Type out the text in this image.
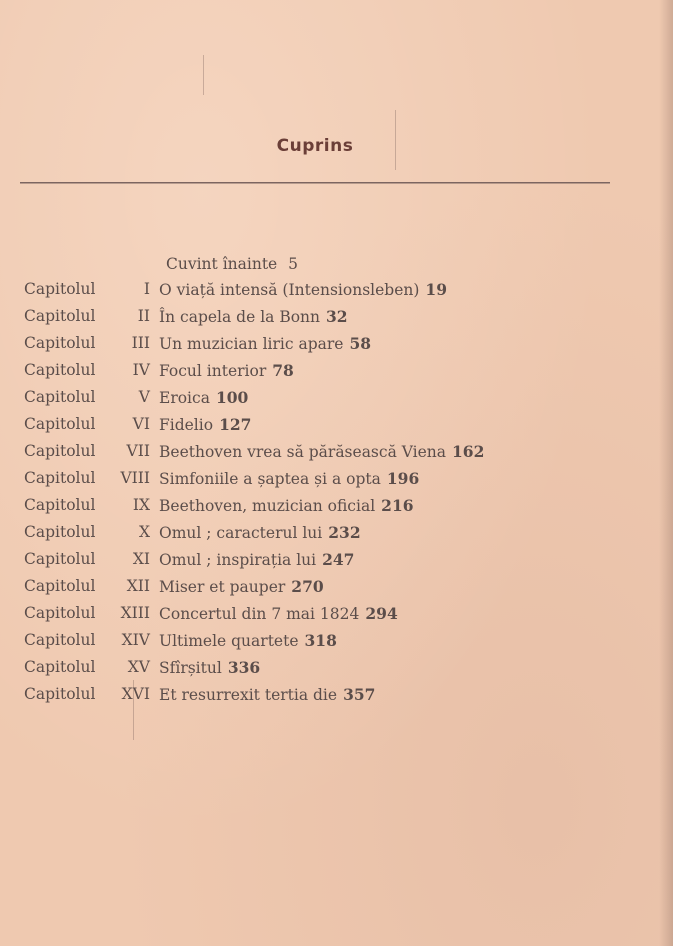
Cuprins
Cuvint înainte 5
Capitolul	I O viață intensă (Intensionsleben) 19
Capitolul	II În capela de la Bonn 32
Capitolul III Un muzician liric apare 58
Capitolul IV Focul interior 78
Capitolul	V Eroica 100
Capitolul VI Fidelio 127
Capitolul VII Beethoven vrea să părăsească Viena 162
Capitolul VIII Simfoniile a șaptea și a opta 196
Capitolul IX Beethoven, muzician oficial 216
Capitolul	X Omul ; caracterul lui 232
Capitolul XI Omul ; inspirația lui 247
Capitolul XII Miser et pauper 270
Capitolul XIII Concertul din 7 mai 1824 294
Capitolul XIV Ultimele quartete 318
Capitolul XV Sfîrșitul 336
Capitolul XVI Et resurrexit tertia die 357
